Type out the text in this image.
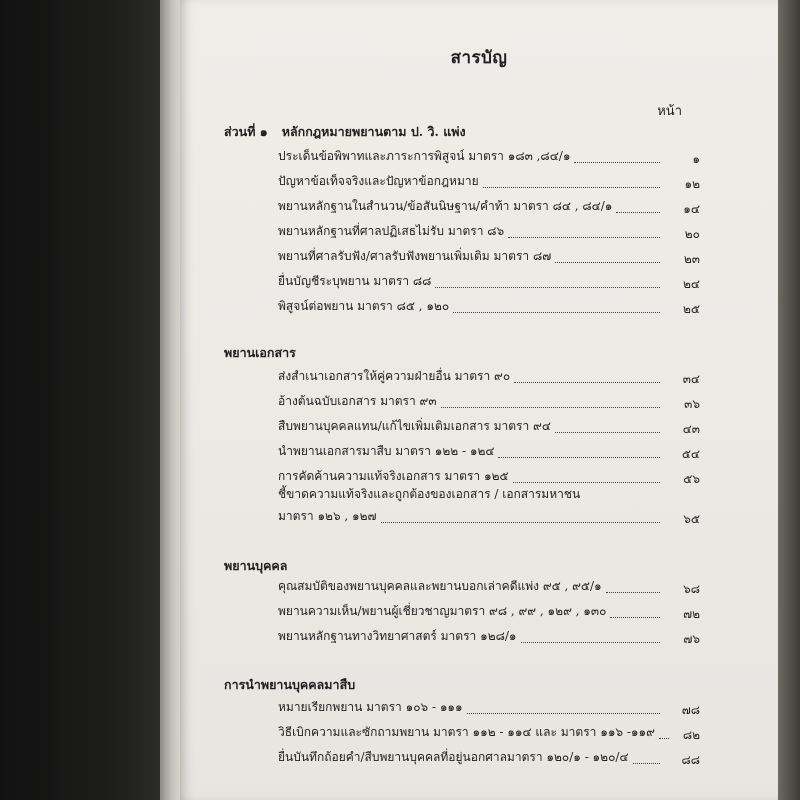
สารบัญ
หน้า
ส่วนที่ ๑ หลักกฎหมายพยานตาม ป. วิ. แพ่ง
ประเด็นข้อพิพาทและภาระการพิสูจน์ มาตรา ๑๘๓ ,๘๔/๑	๑
ปัญหาข้อเท็จจริงและปัญหาข้อกฎหมาย	๑๒
พยานหลักฐานในสำนวน/ข้อสันนิษฐาน/คำท้า มาตรา ๘๔ , ๘๔/๑	๑๔
พยานหลักฐานที่ศาลปฏิเสธไม่รับ มาตรา ๘๖	๒๐
พยานที่ศาลรับฟัง/ศาลรับฟังพยานเพิ่มเติม มาตรา ๘๗	๒๓
ยื่นบัญชีระบุพยาน มาตรา ๘๘	๒๔
พิสูจน์ต่อพยาน มาตรา ๘๕ , ๑๒๐	๒๕
พยานเอกสาร
ส่งสำเนาเอกสารให้คู่ความฝ่ายอื่น มาตรา ๙๐	๓๔
อ้างต้นฉบับเอกสาร มาตรา ๙๓	๓๖
สืบพยานบุคคลแทน/แก้ไขเพิ่มเติมเอกสาร มาตรา ๙๔	๔๓
นำพยานเอกสารมาสืบ มาตรา ๑๒๒ - ๑๒๔	๕๔
การคัดค้านความแท้จริงเอกสาร มาตรา ๑๒๕	๕๖
ชี้ขาดความแท้จริงและถูกต้องของเอกสาร / เอกสารมหาชน
มาตรา ๑๒๖ , ๑๒๗	๖๕
พยานบุคคล
คุณสมบัติของพยานบุคคลและพยานบอกเล่าคดีแพ่ง ๙๕ , ๙๕/๑	๖๘
พยานความเห็น/พยานผู้เชี่ยวชาญมาตรา ๙๘ , ๙๙ , ๑๒๙ , ๑๓๐	๗๒
พยานหลักฐานทางวิทยาศาสตร์ มาตรา ๑๒๘/๑	๗๖
การนำพยานบุคคลมาสืบ
หมายเรียกพยาน มาตรา ๑๐๖ - ๑๑๑	๗๘
วิธีเบิกความและซักถามพยาน มาตรา ๑๑๒ - ๑๑๔ และ มาตรา ๑๑๖ -๑๑๙	๘๒
ยื่นบันทึกถ้อยคำ/สืบพยานบุคคลที่อยู่นอกศาลมาตรา ๑๒๐/๑ - ๑๒๐/๔	๘๘
